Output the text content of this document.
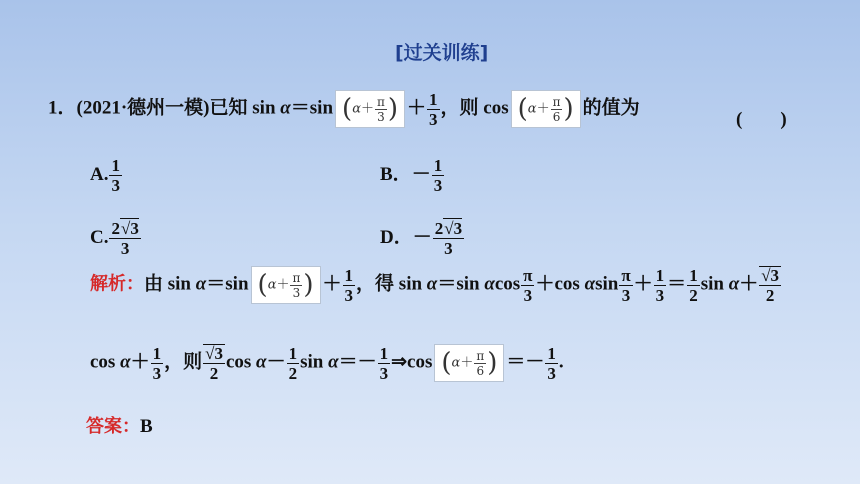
[过关训练]
1．(2021·德州一模)已知 sin α＝sin ($\alpha+ \frac{\pi}{3}$ ) ＋ $\frac{1}{3}$ ，则 $\cos (\alpha+ \frac{\pi}{6}$ ) 的值为
(　　)
A. $\frac{1}{3}$	B．－ $\frac{1}{3}$
C. $\frac{2√3}{3}$	D．－ $\frac{2√3}{3}$
解析：由 sin α＝sin ($\alpha+ \frac{\pi}{3}$ ) ＋ $\frac{1}{3}$ ，得 sin α＝sin αcos $\frac{\pi}{3} +\cos$ αsin $\frac{\pi}{3} + \frac{1}{3} = \frac{1}{2}$ $\sin \alpha+ \frac{√3}{2}$
$\cos \alpha+ \frac{1}{3}$ ，则 $\frac{√3}{2}$ $\cos \alpha- \frac{1}{2}$ $\sin \alpha=- \frac{1}{3}$ ⇒cos ($\alpha+ \frac{\pi}{6}$ ) ＝－ $\frac{1}{3}$ .
答案：B
